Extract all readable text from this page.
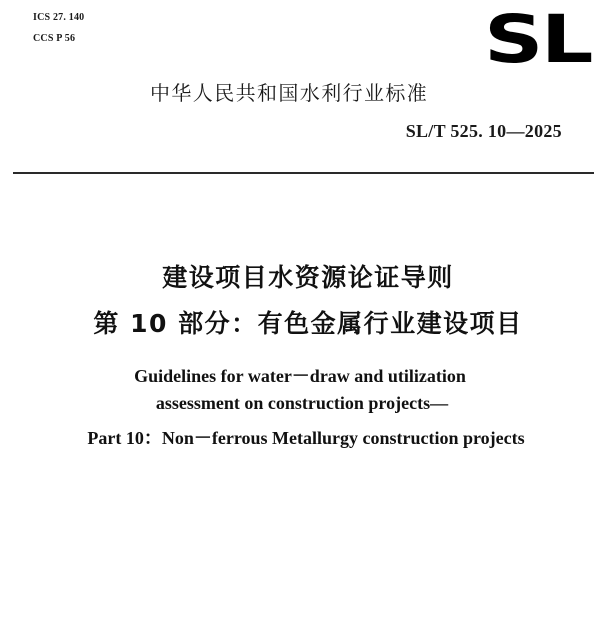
ICS 27. 140
CCS P 56	SL
中华人民共和国水利行业标准
SL/T 525. 10—2025
建设项目水资源论证导则
第 10 部分：有色金属行业建设项目
Guidelines for water－draw and utilization
assessment on construction projects—
Part 10：Non－ferrous Metallurgy construction projects
